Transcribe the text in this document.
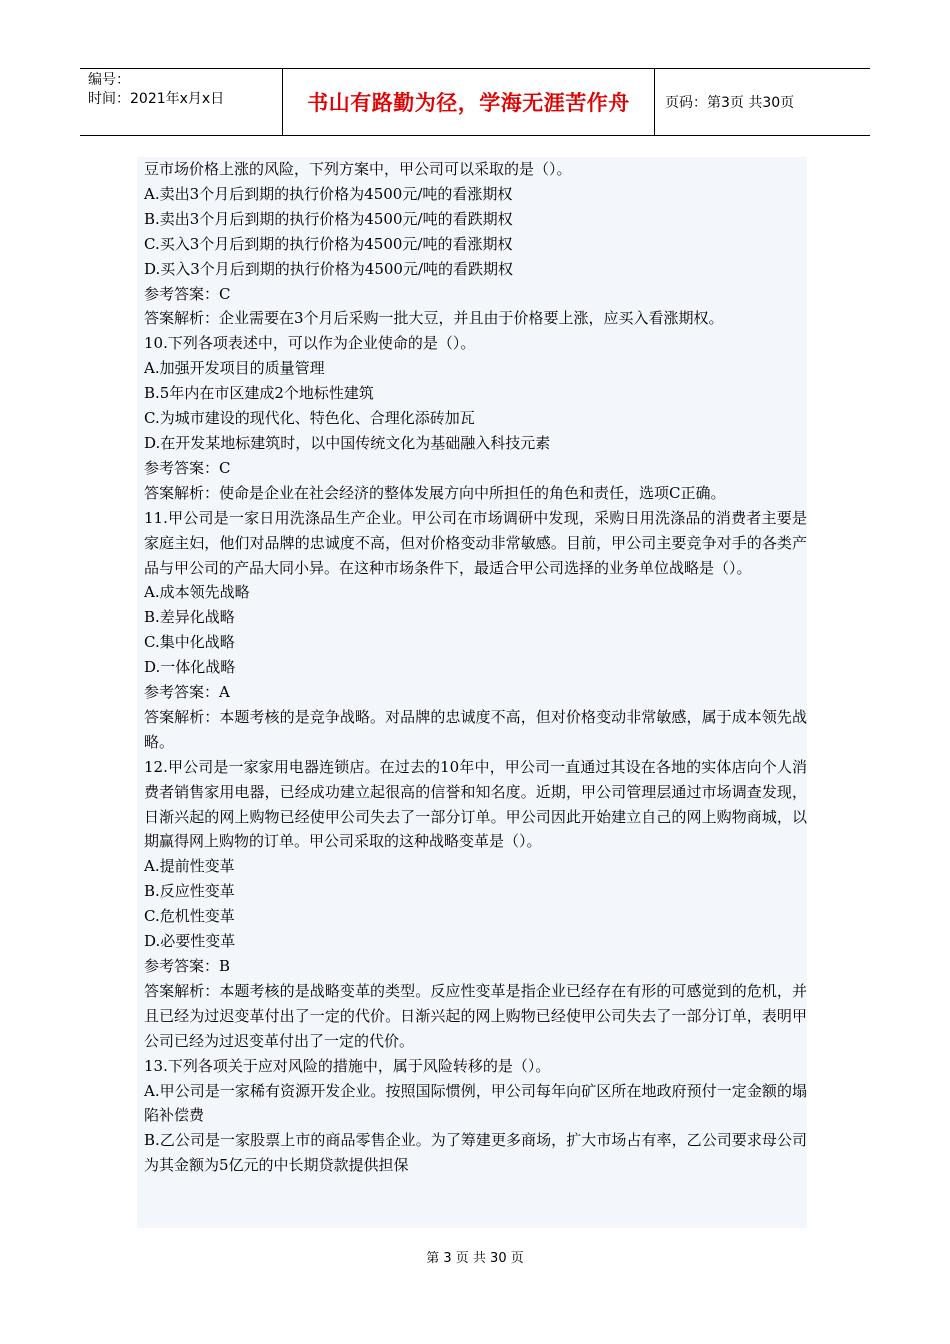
编号：
时间：2021年x月x日	书山有路勤为径，学海无涯苦作舟	页码：第3页 共30页

豆市场价格上涨的风险，下列方案中，甲公司可以采取的是（）。

A.卖出3个月后到期的执行价格为4500元/吨的看涨期权

B.卖出3个月后到期的执行价格为4500元/吨的看跌期权

C.买入3个月后到期的执行价格为4500元/吨的看涨期权

D.买入3个月后到期的执行价格为4500元/吨的看跌期权

参考答案：C

答案解析：企业需要在3个月后采购一批大豆，并且由于价格要上涨，应买入看涨期权。

10.下列各项表述中，可以作为企业使命的是（）。

A.加强开发项目的质量管理

B.5年内在市区建成2个地标性建筑

C.为城市建设的现代化、特色化、合理化添砖加瓦

D.在开发某地标建筑时，以中国传统文化为基础融入科技元素

参考答案：C

答案解析：使命是企业在社会经济的整体发展方向中所担任的角色和责任，选项C正确。

11.甲公司是一家日用洗涤品生产企业。甲公司在市场调研中发现，采购日用洗涤品的消费者主要是家庭主妇，他们对品牌的忠诚度不高，但对价格变动非常敏感。目前，甲公司主要竞争对手的各类产品与甲公司的产品大同小异。在这种市场条件下，最适合甲公司选择的业务单位战略是（）。

A.成本领先战略

B.差异化战略

C.集中化战略

D.一体化战略

参考答案：A

答案解析：本题考核的是竞争战略。对品牌的忠诚度不高，但对价格变动非常敏感，属于成本领先战略。

12.甲公司是一家家用电器连锁店。在过去的10年中，甲公司一直通过其设在各地的实体店向个人消费者销售家用电器，已经成功建立起很高的信誉和知名度。近期，甲公司管理层通过市场调查发现，日渐兴起的网上购物已经使甲公司失去了一部分订单。甲公司因此开始建立自己的网上购物商城，以期赢得网上购物的订单。甲公司采取的这种战略变革是（）。

A.提前性变革

B.反应性变革

C.危机性变革

D.必要性变革

参考答案：B

答案解析：本题考核的是战略变革的类型。反应性变革是指企业已经存在有形的可感觉到的危机，并且已经为过迟变革付出了一定的代价。日渐兴起的网上购物已经使甲公司失去了一部分订单，表明甲公司已经为过迟变革付出了一定的代价。

13.下列各项关于应对风险的措施中，属于风险转移的是（）。

A.甲公司是一家稀有资源开发企业。按照国际惯例，甲公司每年向矿区所在地政府预付一定金额的塌陷补偿费

B.乙公司是一家股票上市的商品零售企业。为了筹建更多商场，扩大市场占有率，乙公司要求母公司为其金额为5亿元的中长期贷款提供担保

第 3 页 共 30 页
